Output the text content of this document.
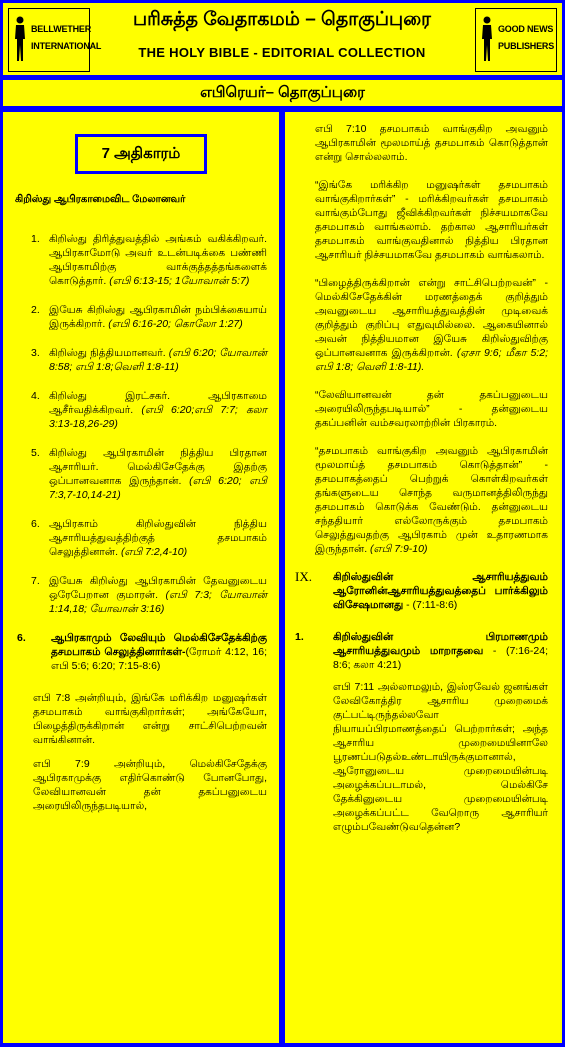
BELLWETHER
INTERNATIONAL
பரிசுத்த வேதாகமம் – தொகுப்புரை
THE HOLY BIBLE - EDITORIAL COLLECTION
GOOD NEWS
PUBLISHERS
எபிரெயர்– தொகுப்புரை
7 அதிகாரம்
கிறிஸ்து ஆபிரகாமைவிட மேலானவர்
1. கிறிஸ்து திரித்துவத்தில் அங்கம் வகிக்கிறவர். ஆபிரகாமோடு அவர் உடன்படிக்கை பண்ணி ஆபிரகாமிற்கு வாக்குத்தத்தங்களைக் கொடுத்தார். (எபி 6:13-15; 1யோவான் 5:7)
2. இயேசு கிறிஸ்து ஆபிரகாமின் நம்பிக்கையாய் இருக்கிறார். (எபி 6:16-20; கொலோ 1:27)
3. கிறிஸ்து நித்தியமானவர். (எபி 6:20; யோவான் 8:58; எபி 1:8;வெளி 1:8-11)
4. கிறிஸ்து இரட்சகர். ஆபிரகாமை ஆசீர்வதிக்கிறவர். (எபி 6:20;எபி 7:7; கலா 3:13-18,26-29)
5. கிறிஸ்து ஆபிரகாமின் நித்திய பிரதான ஆசாரியர். மெல்கிசேதேக்கு இதற்கு ஒப்பானவனாக இருந்தான். (எபி 6:20; எபி 7:3,7-10,14-21)
6. ஆபிரகாம் கிறிஸ்துவின் நித்திய ஆசாரியத்துவத்திற்குத் தசமபாகம் செலுத்தினான். (எபி 7:2,4-10)
7. இயேசு கிறிஸ்து ஆபிரகாமின் தேவனுடைய ஒரேபேறான குமாரன். (எபி 7:3; யோவான் 1:14,18; யோவான் 3:16)
6. ஆபிரகாமும் லேவியும் மெல்கிசேதேக்கிற்கு தசமபாகம் செலுத்தினார்கள்-(ரோமர் 4:12, 16; எபி 5:6; 6:20; 7:15-8:6)
எபி 7:8 அன்றியும், இங்கே மரிக்கிற மனுஷர்கள் தசமபாகம் வாங்குகிறார்கள்; அங்கேயோ, பிழைத்திருக்கிறான் என்று சாட்சிபெற்றவன் வாங்கினான்.
எபி 7:9 அன்றியும், மெல்கிசேதேக்கு ஆபிரகாமுக்கு எதிர்கொண்டு போனபோது, லேவியானவன் தன் தகப்பனுடைய அரையிலிருந்தபடியால்,
எபி 7:10 தசமபாகம் வாங்குகிற அவனும் ஆபிரகாமின் மூலமாய்த் தசமபாகம் கொடுத்தான் என்று சொல்லலாம்.
“இங்கே மரிக்கிற மனுஷர்கள் தசமபாகம் வாங்குகிறார்கள்” - மரிக்கிறவர்கள் தசமபாகம் வாங்கும்போது ஜீவிக்கிறவர்கள் நிச்சயமாகவே தசமபாகம் வாங்கலாம். தற்கால ஆசாரியர்கள் தசமபாகம் வாங்குவதினால் நித்திய பிரதான ஆசாரியர் நிச்சயமாகவே தசமபாகம் வாங்கலாம்.
“பிழைத்திருக்கிறான் என்று சாட்சிபெற்றவன்” - மெல்கிசேதேக்கின் மரணத்தைக் குறித்தும் அவனுடைய ஆசாரியத்துவத்தின் முடிவைக் குறித்தும் குறிப்பு எதுவுமில்லை. ஆகையினால் அவன் நித்தியமான இயேசு கிறிஸ்துவிற்கு ஒப்பானவனாக இருக்கிறான். (ஏசா 9:6; மீகா 5:2; எபி 1:8; வெளி 1:8-11).
“லேவியானவன் தன் தகப்பனுடைய அரையிலிருந்தபடியால்” - தன்னுடைய தகப்பனின் வம்சவரலாற்றின் பிரகாரம்.
“தசமபாகம் வாங்குகிற அவனும் ஆபிரகாமின் மூலமாய்த் தசமபாகம் கொடுத்தான்” - தசமபாகத்தைப் பெற்றுக் கொள்கிறவர்கள் தங்களுடைய சொந்த வருமானத்திலிருந்து தசமபாகம் கொடுக்க வேண்டும். தன்னுடைய சந்ததியார் எல்லோருக்கும் தசமபாகம் செலுத்துவதற்கு ஆபிரகாம் முன் உதாரணமாக இருந்தான். (எபி 7:9-10)
IX. கிறிஸ்துவின் ஆசாரியத்துவம் ஆரோனின்ஆசாரியத்துவத்தைப் பார்க்கிலும் விசேஷமானது - (7:11-8:6)
1.	கிறிஸ்துவின் பிரமாணமும் ஆசாரியத்துவமும் மாறாதவை - (7:16-24; 8:6; கலா 4:21)
எபி 7:11 அல்லாமலும், இஸ்ரவேல் ஜனங்கள் லேவிகோத்திர ஆசாரிய முறைமைக் குட்பட்டிருந்தல்லவோ நியாயப்பிரமாணத்தைப் பெற்றார்கள்; அந்த ஆசாரிய முறைமையினாலே பூரணப்படுதல்உண்டாயிருக்குமானால், ஆரோனுடைய முறைமையின்படி அழைக்கப்படாமல், மெல்கிசே தேக்கினுடைய முறைமையின்படி அழைக்கப்பட்ட வேறொரு ஆசாரியர் எழும்பவேண்டுவதென்ன?
